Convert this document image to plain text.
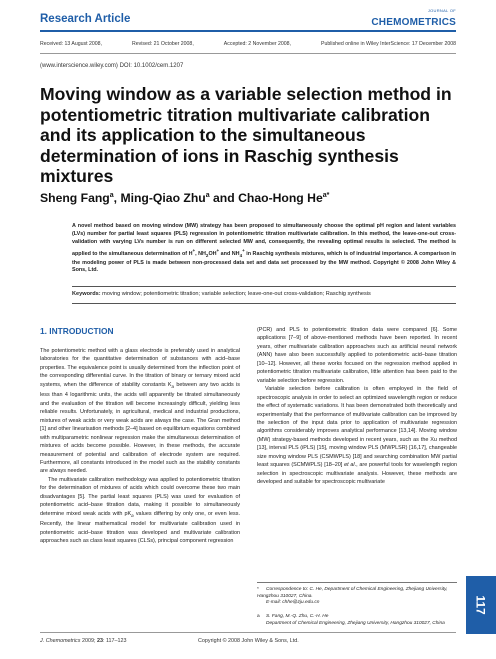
Research Article
JOURNAL OF
CHEMOMETRICS
Received: 13 August 2008,	Revised: 21 October 2008,	Accepted: 2 November 2008,	Published online in Wiley InterScience: 17 December 2008
(www.interscience.wiley.com) DOI: 10.1002/cem.1207
Moving window as a variable selection method in potentiometric titration multivariate calibration and its application to the simultaneous determination of ions in Raschig synthesis mixtures
Sheng Fang$^a$, Ming-Qiao Zhu$^a$ and Chao-Hong $He^{a*}$
A novel method based on moving window (MW) strategy has been proposed to simultaneously choose the optimal pH region and latent variables (LVs) number for partial least squares (PLS) regression in potentiometric titration multivariate calibration. In this method, the leave-one-out cross-validation with varying LVs number is run on different selected MW and, consequently, the revealing optimal results is selected. The method is applied to the simultaneous determination of H+, $NH_2OH^+$ and $NH_4^+$ in Raschig synthesis mixtures, which is of industrial importance. A comparison in the modeling power of PLS is made between non-processed data set and data set processed by the MW method. Copyright © 2008 John Wiley & Sons, Ltd.
Keywords: moving window; potentiometric titration; variable selection; leave-one-out cross-validation; Raschig synthesis
1. INTRODUCTION

The potentiometric method with a glass electrode is preferably used in analytical laboratories for the quantitative determination of substances with acid–base properties. The equivalence point is usually determined from the inflection point of the corresponding differential curve. In the titration of binary or ternary mixed acid systems, when the difference of stability constants $K_a$ between any two acids is less than 4 logarithmic units, the acids will apparently be titrated simultaneously and the evaluation of the titration will become increasingly difficult, yielding less reliable results. Unfortunately, in agricultural, medical and industrial productions, mixtures of weak acids or very weak acids are always the case. The Gran method [1] and other linearisation methods [2–4] based on equilibrium equations combined with multiparametric nonlinear regression make the simultaneous determination of mixtures of acids become possible. However, in these methods, the accurate measurement of potential and calibration of electrode system are required. Furthermore, all constants introduced in the model such as the stability constants are always needed.

The multivariate calibration methodology was applied to potentiometric titration for the determination of mixtures of acids which could overcome these two main disadvantages [5]. The partial least squares (PLS) was used for evaluation of potentiometric acid–base titration data, making it possible to simultaneously determine mixed weak acids with $pK_a$ values differing by only one, or even less. Recently, the linear mathematical model for multivariate calibration used in potentiometric acid–base titration was developed and multivariate calibration approaches such as class least squares (CLSs), principal component regression

(PCR) and PLS to potentiometric titration data were compared [6]. Some applications [7–9] of above-mentioned methods have been reported. In recent years, other multivariate calibration approaches such as artificial neural network (ANN) have also been successfully applied to potentiometric acid–base titration [10–12]. However, all these works focused on the regression method applied in potentiometric titration multivariate calibration, little attention has been paid to the variable selection before regression.

Variable selection before calibration is often employed in the field of spectroscopic analysis in order to select an optimized wavelength region or reduce the effect of systematic variations. It has been demonstrated both theoretically and experimentally that the performance of multivariate calibration can be improved by the selection of the input data prior to application of multivariate regression algorithms considerably improves analytical performance [13,14]. Moving window (MW) strategy-based methods developed in recent years, such as the Xu method [13], interval PLS (iPLS) [15], moving window PLS (MWPLSR) [16,17], changeable size moving window PLS (CSMWPLS) [18] and searching combination MW partial least squares (SCMWPLS) [18–20] et al., are powerful tools for wavelength region selection in spectroscopic multivariate analysis. However, these methods are developed and suitable for spectroscopic multivariate

* Correspondence to: C. He, Department of Chemical Engineering, Zhejiang University, Hangzhou 310027, China.
E-mail: chhe@zju.edu.cn
a S. Fang, M.-Q. Zhu, C.-H. He
Department of Chemical Engineering, Zhejiang University, Hangzhou 310027, China
J. Chemometrics 2009; 23: 117–123	Copyright © 2008 John Wiley & Sons, Ltd.
117
